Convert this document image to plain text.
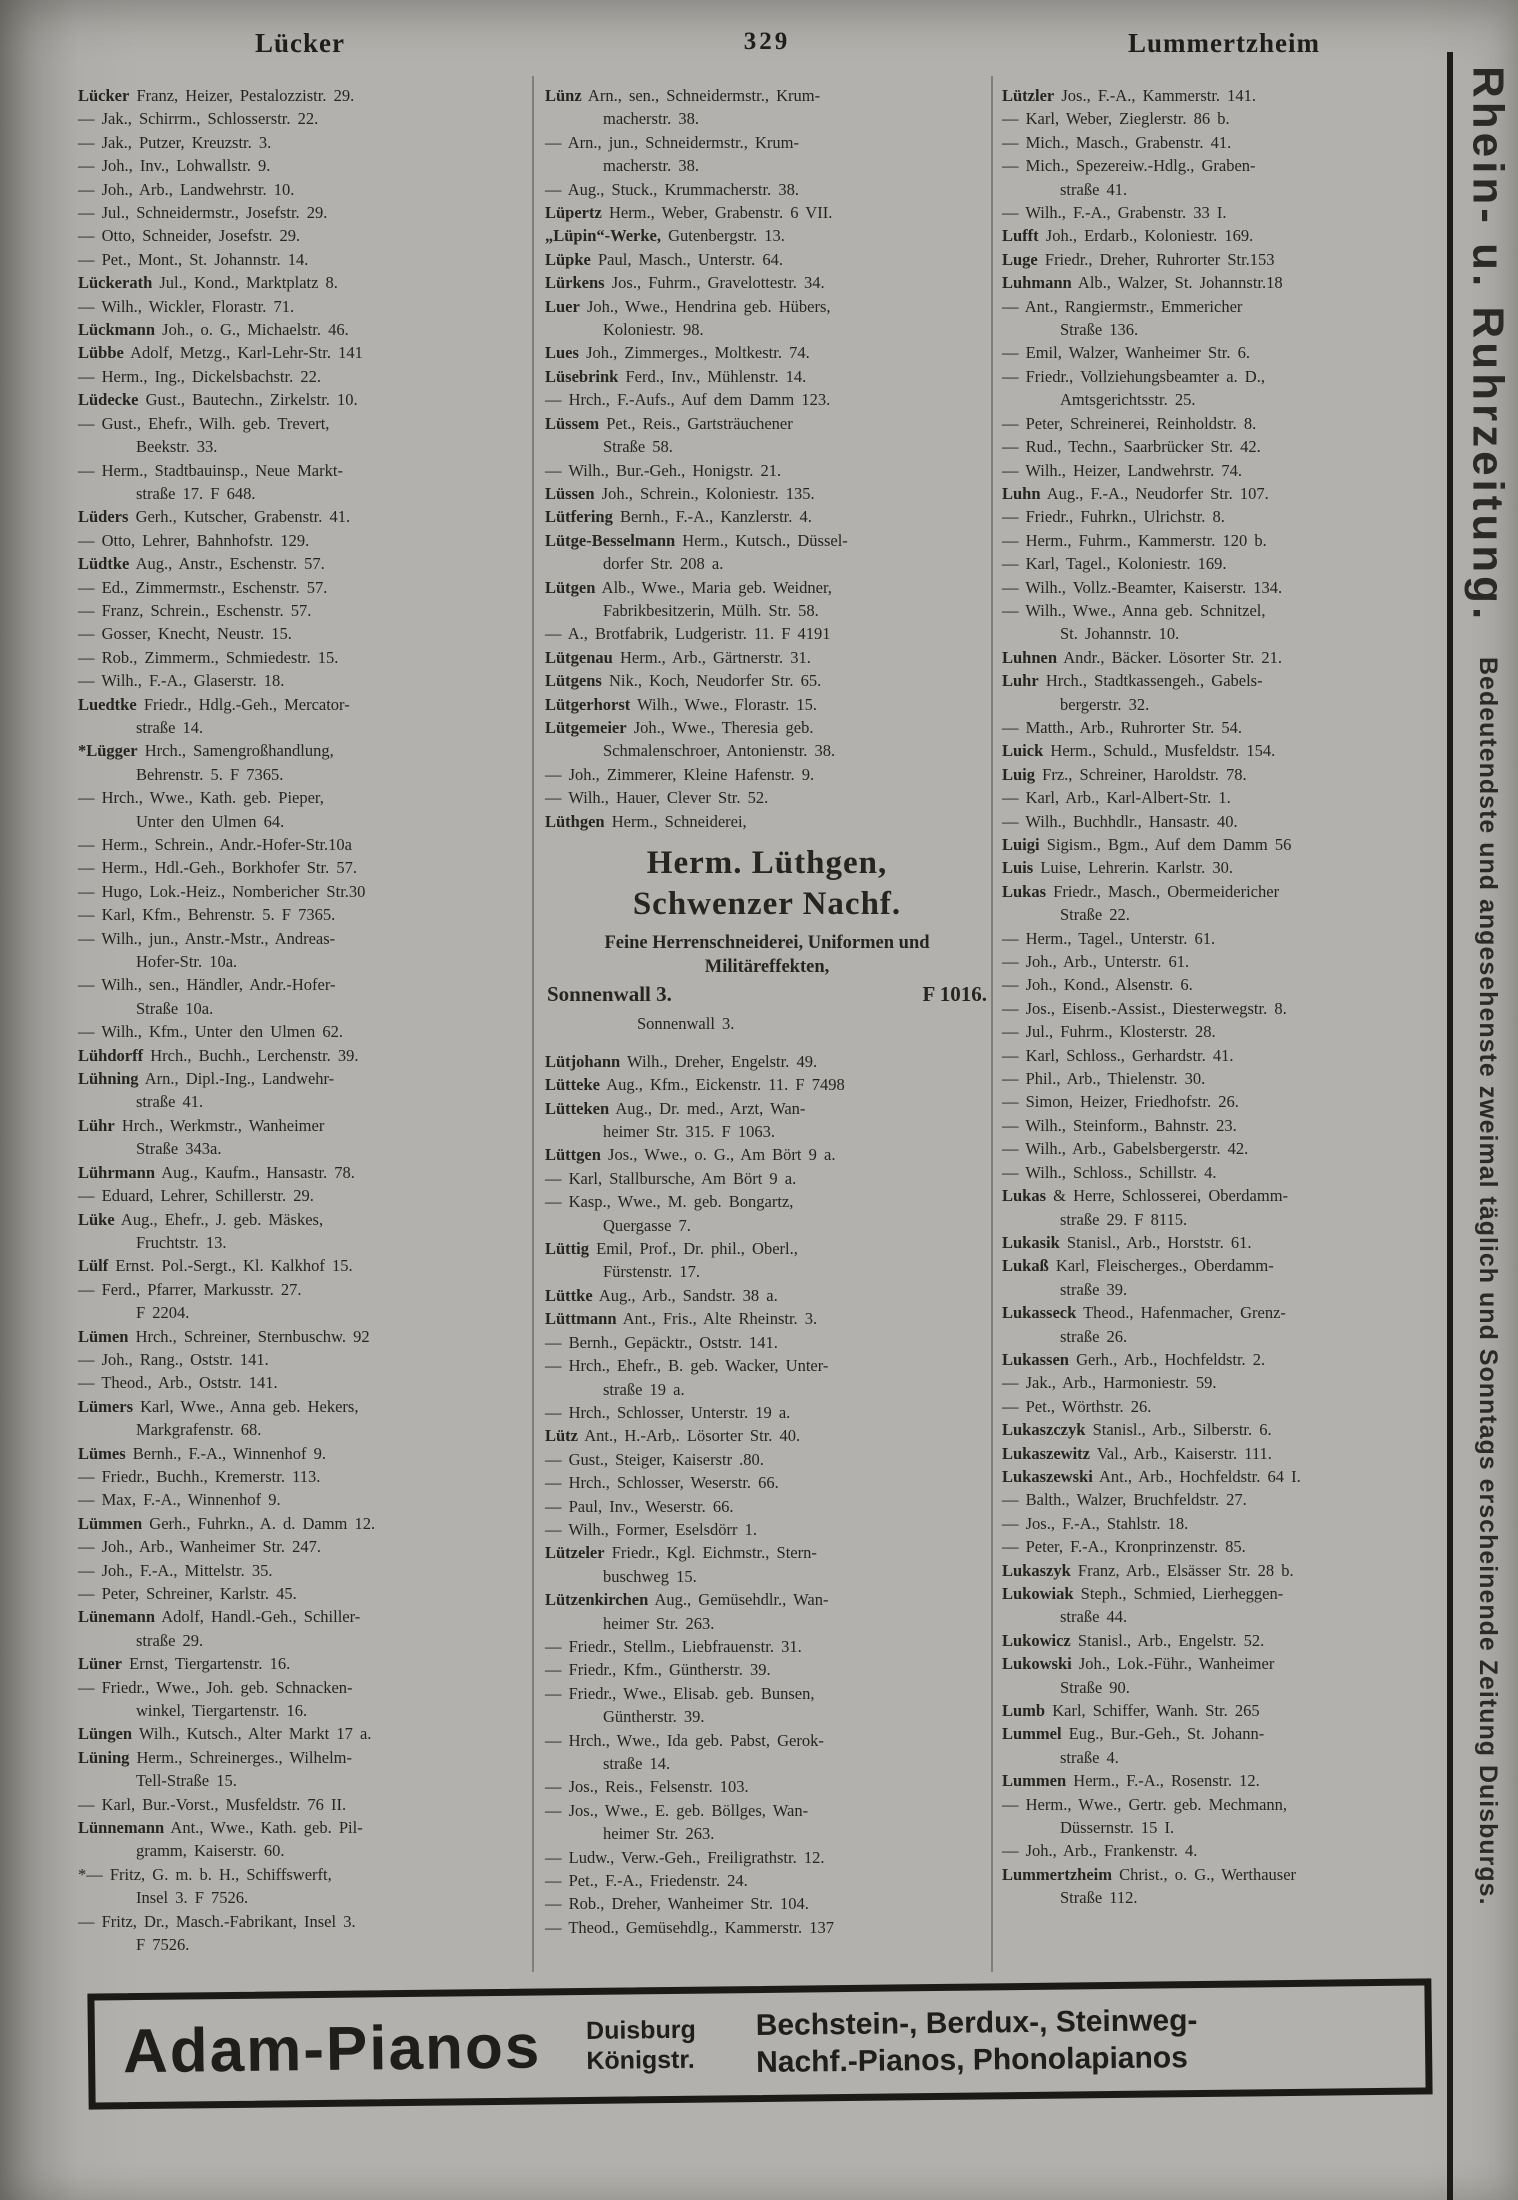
Lücker	329	Lummertzheim
Lücker Franz, Heizer, Pestalozzistr. 29.
— Jak., Schirrm., Schlosserstr. 22.
— Jak., Putzer, Kreuzstr. 3.
— Joh., Inv., Lohwallstr. 9.
— Joh., Arb., Landwehrstr. 10.
— Jul., Schneidermstr., Josefstr. 29.
— Otto, Schneider, Josefstr. 29.
— Pet., Mont., St. Johannstr. 14.
Lückerath Jul., Kond., Marktplatz 8.
— Wilh., Wickler, Florastr. 71.
Lückmann Joh., o. G., Michaelstr. 46.
Lübbe Adolf, Metzg., Karl-Lehr-Str. 141
— Herm., Ing., Dickelsbachstr. 22.
Lüdecke Gust., Bautechn., Zirkelstr. 10.
— Gust., Ehefr., Wilh. geb. Trevert,
Beekstr. 33.
— Herm., Stadtbauinsp., Neue Markt-
straße 17. F 648.
Lüders Gerh., Kutscher, Grabenstr. 41.
— Otto, Lehrer, Bahnhofstr. 129.
Lüdtke Aug., Anstr., Eschenstr. 57.
— Ed., Zimmermstr., Eschenstr. 57.
— Franz, Schrein., Eschenstr. 57.
— Gosser, Knecht, Neustr. 15.
— Rob., Zimmerm., Schmiedestr. 15.
— Wilh., F.-A., Glaserstr. 18.
Luedtke Friedr., Hdlg.-Geh., Mercator-
straße 14.
*Lügger Hrch., Samengroßhandlung,
Behrenstr. 5. F 7365.
— Hrch., Wwe., Kath. geb. Pieper,
Unter den Ulmen 64.
— Herm., Schrein., Andr.-Hofer-Str.10a
— Herm., Hdl.-Geh., Borkhofer Str. 57.
— Hugo, Lok.-Heiz., Nombericher Str.30
— Karl, Kfm., Behrenstr. 5. F 7365.
— Wilh., jun., Anstr.-Mstr., Andreas-
Hofer-Str. 10a.
— Wilh., sen., Händler, Andr.-Hofer-
Straße 10a.
— Wilh., Kfm., Unter den Ulmen 62.
Lühdorff Hrch., Buchh., Lerchenstr. 39.
Lühning Arn., Dipl.-Ing., Landwehr-
straße 41.
Lühr Hrch., Werkmstr., Wanheimer
Straße 343a.
Lührmann Aug., Kaufm., Hansastr. 78.
— Eduard, Lehrer, Schillerstr. 29.
Lüke Aug., Ehefr., J. geb. Mäskes,
Fruchtstr. 13.
Lülf Ernst. Pol.-Sergt., Kl. Kalkhof 15.
— Ferd., Pfarrer, Markusstr. 27.
F 2204.
Lümen Hrch., Schreiner, Sternbuschw. 92
— Joh., Rang., Oststr. 141.
— Theod., Arb., Oststr. 141.
Lümers Karl, Wwe., Anna geb. Hekers,
Markgrafenstr. 68.
Lümes Bernh., F.-A., Winnenhof 9.
— Friedr., Buchh., Kremerstr. 113.
— Max, F.-A., Winnenhof 9.
Lümmen Gerh., Fuhrkn., A. d. Damm 12.
— Joh., Arb., Wanheimer Str. 247.
— Joh., F.-A., Mittelstr. 35.
— Peter, Schreiner, Karlstr. 45.
Lünemann Adolf, Handl.-Geh., Schiller-
straße 29.
Lüner Ernst, Tiergartenstr. 16.
— Friedr., Wwe., Joh. geb. Schnacken-
winkel, Tiergartenstr. 16.
Lüngen Wilh., Kutsch., Alter Markt 17 a.
Lüning Herm., Schreinerges., Wilhelm-
Tell-Straße 15.
— Karl, Bur.-Vorst., Musfeldstr. 76 II.
Lünnemann Ant., Wwe., Kath. geb. Pil-
gramm, Kaiserstr. 60.
*— Fritz, G. m. b. H., Schiffswerft,
Insel 3. F 7526.
— Fritz, Dr., Masch.-Fabrikant, Insel 3.
F 7526.
Lünz Arn., sen., Schneidermstr., Krum-
macherstr. 38.
— Arn., jun., Schneidermstr., Krum-
macherstr. 38.
— Aug., Stuck., Krummacherstr. 38.
Lüpertz Herm., Weber, Grabenstr. 6 VII.
„Lüpin“-Werke, Gutenbergstr. 13.
Lüpke Paul, Masch., Unterstr. 64.
Lürkens Jos., Fuhrm., Gravelottestr. 34.
Luer Joh., Wwe., Hendrina geb. Hübers,
Koloniestr. 98.
Lues Joh., Zimmerges., Moltkestr. 74.
Lüsebrink Ferd., Inv., Mühlenstr. 14.
— Hrch., F.-Aufs., Auf dem Damm 123.
Lüssem Pet., Reis., Gartsträuchener
Straße 58.
— Wilh., Bur.-Geh., Honigstr. 21.
Lüssen Joh., Schrein., Koloniestr. 135.
Lütfering Bernh., F.-A., Kanzlerstr. 4.
Lütge-Besselmann Herm., Kutsch., Düssel-
dorfer Str. 208 a.
Lütgen Alb., Wwe., Maria geb. Weidner,
Fabrikbesitzerin, Mülh. Str. 58.
— A., Brotfabrik, Ludgeristr. 11. F 4191
Lütgenau Herm., Arb., Gärtnerstr. 31.
Lütgens Nik., Koch, Neudorfer Str. 65.
Lütgerhorst Wilh., Wwe., Florastr. 15.
Lütgemeier Joh., Wwe., Theresia geb.
Schmalenschroer, Antonienstr. 38.
— Joh., Zimmerer, Kleine Hafenstr. 9.
— Wilh., Hauer, Clever Str. 52.
Lüthgen Herm., Schneiderei,
Herm. Lüthgen,
Schwenzer Nachf.
Feine Herrenschneiderei, Uniformen und
Militäreffekten,
Sonnenwall 3.	F 1016.
Sonnenwall 3.
Lütjohann Wilh., Dreher, Engelstr. 49.
Lütteke Aug., Kfm., Eickenstr. 11. F 7498
Lütteken Aug., Dr. med., Arzt, Wan-
heimer Str. 315. F 1063.
Lüttgen Jos., Wwe., o. G., Am Bört 9 a.
— Karl, Stallbursche, Am Bört 9 a.
— Kasp., Wwe., M. geb. Bongartz,
Quergasse 7.
Lüttig Emil, Prof., Dr. phil., Oberl.,
Fürstenstr. 17.
Lüttke Aug., Arb., Sandstr. 38 a.
Lüttmann Ant., Fris., Alte Rheinstr. 3.
— Bernh., Gepäcktr., Oststr. 141.
— Hrch., Ehefr., B. geb. Wacker, Unter-
straße 19 a.
— Hrch., Schlosser, Unterstr. 19 a.
Lütz Ant., H.-Arb,. Lösorter Str. 40.
— Gust., Steiger, Kaiserstr .80.
— Hrch., Schlosser, Weserstr. 66.
— Paul, Inv., Weserstr. 66.
— Wilh., Former, Eselsdörr 1.
Lützeler Friedr., Kgl. Eichmstr., Stern-
buschweg 15.
Lützenkirchen Aug., Gemüsehdlr., Wan-
heimer Str. 263.
— Friedr., Stellm., Liebfrauenstr. 31.
— Friedr., Kfm., Güntherstr. 39.
— Friedr., Wwe., Elisab. geb. Bunsen,
Güntherstr. 39.
— Hrch., Wwe., Ida geb. Pabst, Gerok-
straße 14.
— Jos., Reis., Felsenstr. 103.
— Jos., Wwe., E. geb. Böllges, Wan-
heimer Str. 263.
— Ludw., Verw.-Geh., Freiligrathstr. 12.
— Pet., F.-A., Friedenstr. 24.
— Rob., Dreher, Wanheimer Str. 104.
— Theod., Gemüsehdlg., Kammerstr. 137
Lützler Jos., F.-A., Kammerstr. 141.
— Karl, Weber, Zieglerstr. 86 b.
— Mich., Masch., Grabenstr. 41.
— Mich., Spezereiw.-Hdlg., Graben-
straße 41.
— Wilh., F.-A., Grabenstr. 33 I.
Lufft Joh., Erdarb., Koloniestr. 169.
Luge Friedr., Dreher, Ruhrorter Str.153
Luhmann Alb., Walzer, St. Johannstr.18
— Ant., Rangiermstr., Emmericher
Straße 136.
— Emil, Walzer, Wanheimer Str. 6.
— Friedr., Vollziehungsbeamter a. D.,
Amtsgerichtsstr. 25.
— Peter, Schreinerei, Reinholdstr. 8.
— Rud., Techn., Saarbrücker Str. 42.
— Wilh., Heizer, Landwehrstr. 74.
Luhn Aug., F.-A., Neudorfer Str. 107.
— Friedr., Fuhrkn., Ulrichstr. 8.
— Herm., Fuhrm., Kammerstr. 120 b.
— Karl, Tagel., Koloniestr. 169.
— Wilh., Vollz.-Beamter, Kaiserstr. 134.
— Wilh., Wwe., Anna geb. Schnitzel,
St. Johannstr. 10.
Luhnen Andr., Bäcker. Lösorter Str. 21.
Luhr Hrch., Stadtkassengeh., Gabels-
bergerstr. 32.
— Matth., Arb., Ruhrorter Str. 54.
Luick Herm., Schuld., Musfeldstr. 154.
Luig Frz., Schreiner, Haroldstr. 78.
— Karl, Arb., Karl-Albert-Str. 1.
— Wilh., Buchhdlr., Hansastr. 40.
Luigi Sigism., Bgm., Auf dem Damm 56
Luis Luise, Lehrerin. Karlstr. 30.
Lukas Friedr., Masch., Obermeidericher
Straße 22.
— Herm., Tagel., Unterstr. 61.
— Joh., Arb., Unterstr. 61.
— Joh., Kond., Alsenstr. 6.
— Jos., Eisenb.-Assist., Diesterwegstr. 8.
— Jul., Fuhrm., Klosterstr. 28.
— Karl, Schloss., Gerhardstr. 41.
— Phil., Arb., Thielenstr. 30.
— Simon, Heizer, Friedhofstr. 26.
— Wilh., Steinform., Bahnstr. 23.
— Wilh., Arb., Gabelsbergerstr. 42.
— Wilh., Schloss., Schillstr. 4.
Lukas & Herre, Schlosserei, Oberdamm-
straße 29. F 8115.
Lukasik Stanisl., Arb., Horststr. 61.
Lukaß Karl, Fleischerges., Oberdamm-
straße 39.
Lukasseck Theod., Hafenmacher, Grenz-
straße 26.
Lukassen Gerh., Arb., Hochfeldstr. 2.
— Jak., Arb., Harmoniestr. 59.
— Pet., Wörthstr. 26.
Lukaszczyk Stanisl., Arb., Silberstr. 6.
Lukaszewitz Val., Arb., Kaiserstr. 111.
Lukaszewski Ant., Arb., Hochfeldstr. 64 I.
— Balth., Walzer, Bruchfeldstr. 27.
— Jos., F.-A., Stahlstr. 18.
— Peter, F.-A., Kronprinzenstr. 85.
Lukaszyk Franz, Arb., Elsässer Str. 28 b.
Lukowiak Steph., Schmied, Lierheggen-
straße 44.
Lukowicz Stanisl., Arb., Engelstr. 52.
Lukowski Joh., Lok.-Führ., Wanheimer
Straße 90.
Lumb Karl, Schiffer, Wanh. Str. 265
Lummel Eug., Bur.-Geh., St. Johann-
straße 4.
Lummen Herm., F.-A., Rosenstr. 12.
— Herm., Wwe., Gertr. geb. Mechmann,
Düssernstr. 15 I.
— Joh., Arb., Frankenstr. 4.
Lummertzheim Christ., o. G., Werthauser
Straße 112.
Rhein- u. Ruhrzeitung.
Bedeutendste und angesehenste zweimal täglich und Sonntags erscheinende Zeitung Duisburgs.
Adam-Pianos Duisburg
Königstr.
Bechstein-, Berdux-, Steinweg-
Nachf.-Pianos, Phonolapianos
